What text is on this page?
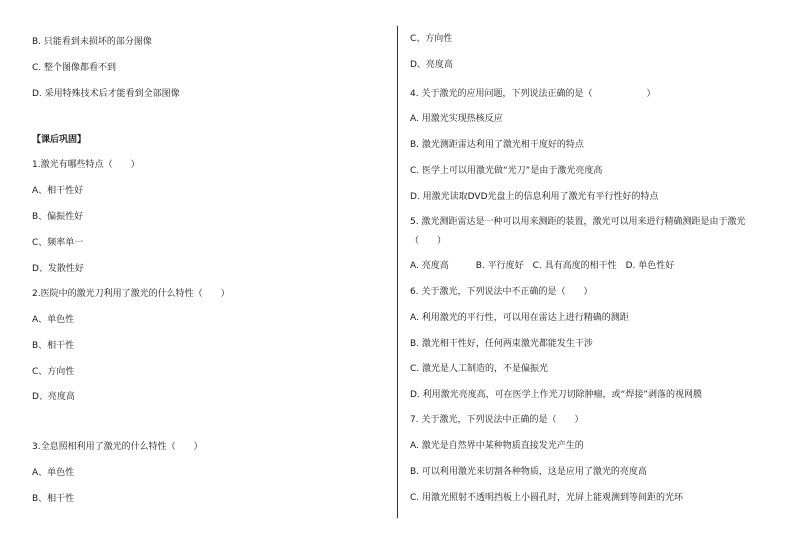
B. 只能看到未损坏的部分图像
C. 整个图像都看不到
D. 采用特殊技术后才能看到全部图像
【课后巩固】
1.激光有哪些特点（　　）
A、相干性好
B、偏振性好
C、频率单一
D、发散性好
2.医院中的激光刀利用了激光的什么特性（　　）
A、单色性
B、相干性
C、方向性
D、亮度高
3.全息照相利用了激光的什么特性（　　）
A、单色性
B、相干性
C、方向性
D、亮度高
4. 关于激光的应用问题，下列说法正确的是（　　　　　　）
A. 用激光实现热核反应
B. 激光测距雷达利用了激光相干度好的特点
C. 医学上可以用激光做“光刀”是由于激光亮度高
D. 用激光读取DVD光盘上的信息利用了激光有平行性好的特点
5. 激光测距雷达是一种可以用来测距的装置，激光可以用来进行精确测距是由于激光
（　　）
A. 亮度高　　　B. 平行度好　C. 具有高度的相干性　D. 单色性好
6. 关于激光，下列说法中不正确的是（　　）
A. 利用激光的平行性，可以用在雷达上进行精确的测距
B. 激光相干性好，任何两束激光都能发生干涉
C. 激光是人工制造的，不是偏振光
D. 利用激光亮度高，可在医学上作光刀切除肿瘤，或“焊接”剥落的视网膜
7. 关于激光，下列说法中正确的是（　　）
A. 激光是自然界中某种物质直接发光产生的
B. 可以利用激光来切割各种物质，这是应用了激光的亮度高
C. 用激光照射不透明挡板上小圆孔时，光屏上能观测到等间距的光环
